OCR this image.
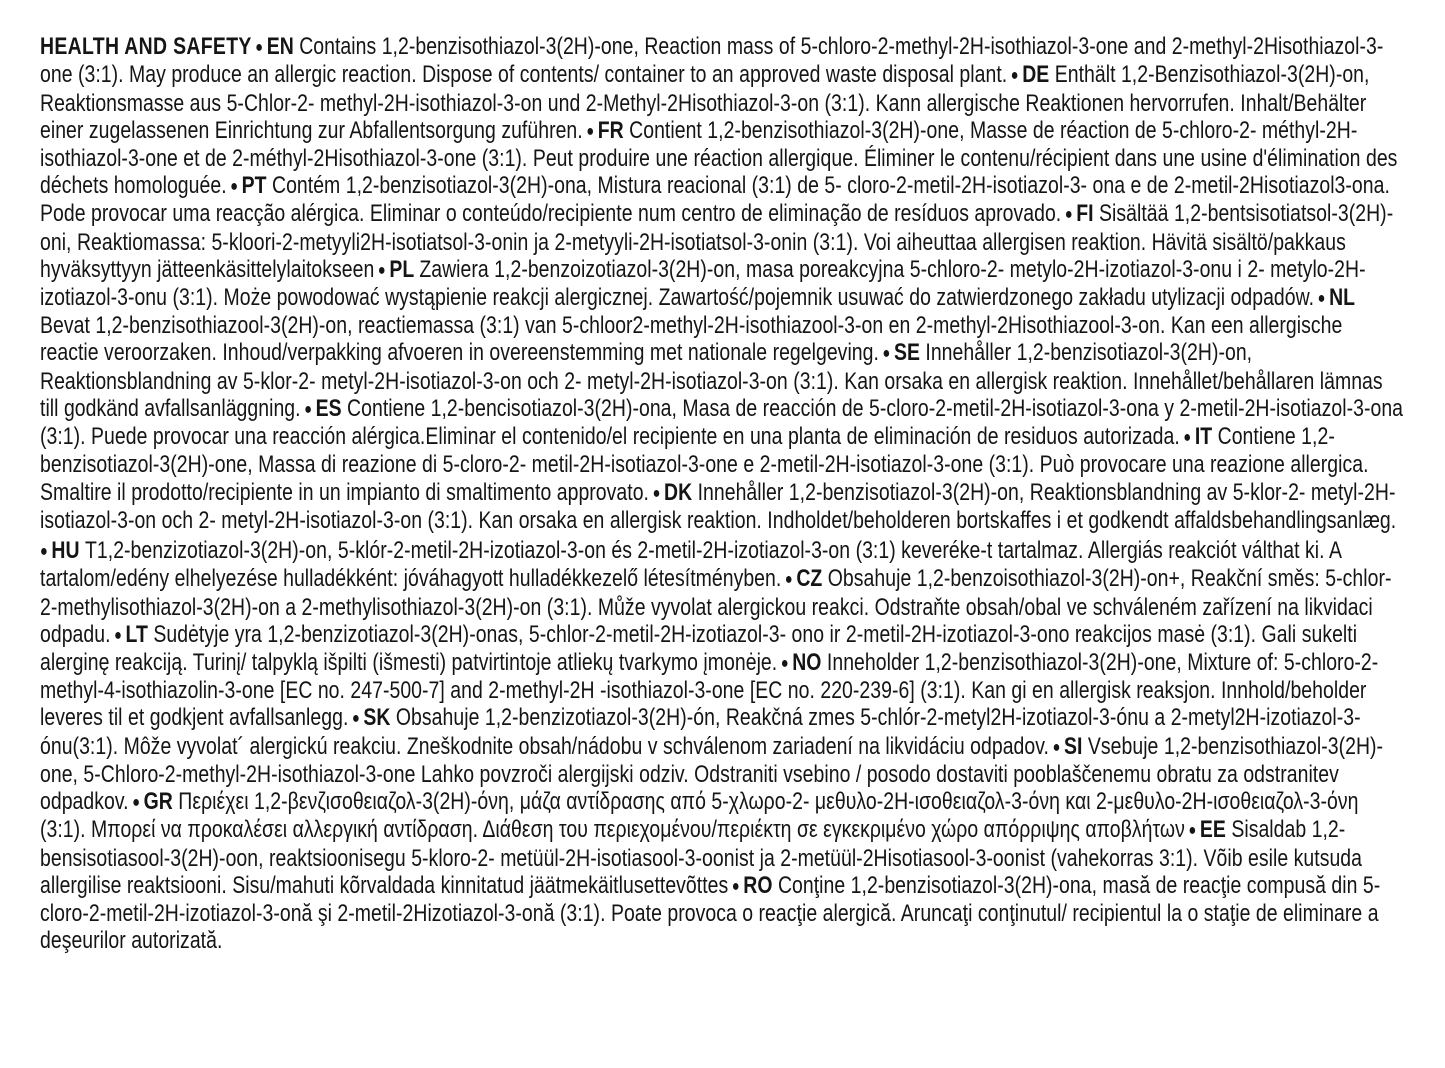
HEALTH AND SAFETY ● EN Contains 1,2-benzisothiazol-3(2H)-one, Reaction mass of 5-chloro-2-methyl-2H-isothiazol-3-one and 2-methyl-2Hisothiazol-3-one (3:1). May produce an allergic reaction. Dispose of contents/ container to an approved waste disposal plant. ● DE Enthält 1,2-Benzisothiazol-3(2H)-on, Reaktionsmasse aus 5-Chlor-2- methyl-2H-isothiazol-3-on und 2-Methyl-2Hisothiazol-3-on (3:1). Kann allergische Reaktionen hervorrufen. Inhalt/Behälter einer zugelassenen Einrichtung zur Abfallentsorgung zuführen. ● FR Contient 1,2-benzisothiazol-3(2H)-one, Masse de réaction de 5-chloro-2- méthyl-2H-isothiazol-3-one et de 2-méthyl-2Hisothiazol-3-one (3:1). Peut produire une réaction allergique. Éliminer le contenu/récipient dans une usine d'élimination des déchets homologuée. ● PT Contém 1,2-benzisotiazol-3(2H)-ona, Mistura reacional (3:1) de 5- cloro-2-metil-2H-isotiazol-3- ona e de 2-metil-2Hisotiazol3-ona. Pode provocar uma reacção alérgica. Eliminar o conteúdo/recipiente num centro de eliminação de resíduos aprovado. ● FI Sisältää 1,2-bentsisotiatsol-3(2H)-oni, Reaktiomassa: 5-kloori-2-metyyli2H-isotiatsol-3-onin ja 2-metyyli-2H-isotiatsol-3-onin (3:1). Voi aiheuttaa allergisen reaktion. Hävitä sisältö/pakkaus hyväksyttyyn jätteenkäsittelylaitokseen ● PL Zawiera 1,2-benzoizotiazol-3(2H)-on, masa poreakcyjna 5-chloro-2- metylo-2H-izotiazol-3-onu i 2- metylo-2H-izotiazol-3-onu (3:1). Może powodować wystąpienie reakcji alergicznej. Zawartość/pojemnik usuwać do zatwierdzonego zakładu utylizacji odpadów. ● NL Bevat 1,2-benzisothiazool-3(2H)-on, reactiemassa (3:1) van 5-chloor2-methyl-2H-isothiazool-3-on en 2-methyl-2Hisothiazool-3-on. Kan een allergische reactie veroorzaken. Inhoud/verpakking afvoeren in overeenstemming met nationale regelgeving. ● SE Innehåller 1,2-benzisotiazol-3(2H)-on, Reaktionsblandning av 5-klor-2- metyl-2H-isotiazol-3-on och 2- metyl-2H-isotiazol-3-on (3:1). Kan orsaka en allergisk reaktion. Innehållet/behållaren lämnas till godkänd avfallsanläggning. ● ES Contiene 1,2-bencisotiazol-3(2H)-ona, Masa de reacción de 5-cloro-2-metil-2H-isotiazol-3-ona y 2-metil-2H-isotiazol-3-ona (3:1). Puede provocar una reacción alérgica.Eliminar el contenido/el recipiente en una planta de eliminación de residuos autorizada. ● IT Contiene 1,2-benzisotiazol-3(2H)-one, Massa di reazione di 5-cloro-2- metil-2H-isotiazol-3-one e 2-metil-2H-isotiazol-3-one (3:1). Può provocare una reazione allergica. Smaltire il prodotto/recipiente in un impianto di smaltimento approvato. ● DK Innehåller 1,2-benzisotiazol-3(2H)-on, Reaktionsblandning av 5-klor-2- metyl-2H-isotiazol-3-on och 2- metyl-2H-isotiazol-3-on (3:1). Kan orsaka en allergisk reaktion. Indholdet/beholderen bortskaffes i et godkendt affaldsbehandlingsanlæg. ● HU T1,2-benzizotiazol-3(2H)-on, 5-klór-2-metil-2H-izotiazol-3-on és 2-metil-2H-izotiazol-3-on (3:1) keveréke-t tartalmaz. Allergiás reakciót válthat ki. A tartalom/edény elhelyezése hulladékként: jóváhagyott hulladékkezelő létesítményben. ● CZ Obsahuje 1,2-benzoisothiazol-3(2H)-on+, Reakční směs: 5-chlor-2-methylisothiazol-3(2H)-on a 2-methylisothiazol-3(2H)-on (3:1). Může vyvolat alergickou reakci. Odstraňte obsah/obal ve schváleném zařízení na likvidaci odpadu. ● LT Sudėtyje yra 1,2-benzizotiazol-3(2H)-onas, 5-chlor-2-metil-2H-izotiazol-3- ono ir 2-metil-2H-izotiazol-3-ono reakcijos masė (3:1). Gali sukelti alerginę reakciją. Turinį/ talpyklą išpilti (išmesti) patvirtintoje atliekų tvarkymo įmonėje. ● NO Inneholder 1,2-benzisothiazol-3(2H)-one, Mixture of: 5-chloro-2-methyl-4-isothiazolin-3-one [EC no. 247-500-7] and 2-methyl-2H -isothiazol-3-one [EC no. 220-239-6] (3:1). Kan gi en allergisk reaksjon. Innhold/beholder leveres til et godkjent avfallsanlegg. ● SK Obsahuje 1,2-benzizotiazol-3(2H)-ón, Reakčná zmes 5-chlór-2-metyl2H-izotiazol-3-ónu a 2-metyl2H-izotiazol-3-ónu(3:1). Môže vyvolat´ alergickú reakciu. Zneškodnite obsah/nádobu v schválenom zariadení na likvidáciu odpadov. ● SI Vsebuje 1,2-benzisothiazol-3(2H)-one, 5-Chloro-2-methyl-2H-isothiazol-3-one Lahko povzroči alergijski odziv. Odstraniti vsebino / posodo dostaviti pooblaščenemu obratu za odstranitev odpadkov. ● GR Περιέχει 1,2-βενζισοθειαζολ-3(2H)-όνη, μάζα αντίδρασης από 5-χλωρο-2- μεθυλο-2Η-ισοθειαζολ-3-όνη και 2-μεθυλο-2Η-ισοθειαζολ-3-όνη (3:1). Μπορεί να προκαλέσει αλλεργική αντίδραση. Διάθεση του περιεχομένου/περιέκτη σε εγκεκριμένο χώρο απόρριψης αποβλήτων ● EE Sisaldab 1,2-bensisotiasool-3(2H)-oon, reaktsioonisegu 5-kloro-2- metüül-2H-isotiasool-3-oonist ja 2-metüül-2Hisotiasool-3-oonist (vahekorras 3:1). Võib esile kutsuda allergilise reaktsiooni. Sisu/mahuti kõrvaldada kinnitatud jäätmekäitlusettevõttes ● RO Conţine 1,2-benzisotiazol-3(2H)-ona, masă de reacţie compusă din 5- cloro-2-metil-2H-izotiazol-3-onă şi 2-metil-2Hizotiazol-3-onă (3:1). Poate provoca o reacţie alergică. Aruncaţi conţinutul/ recipientul la o staţie de eliminare a deşeurilor autorizată.
